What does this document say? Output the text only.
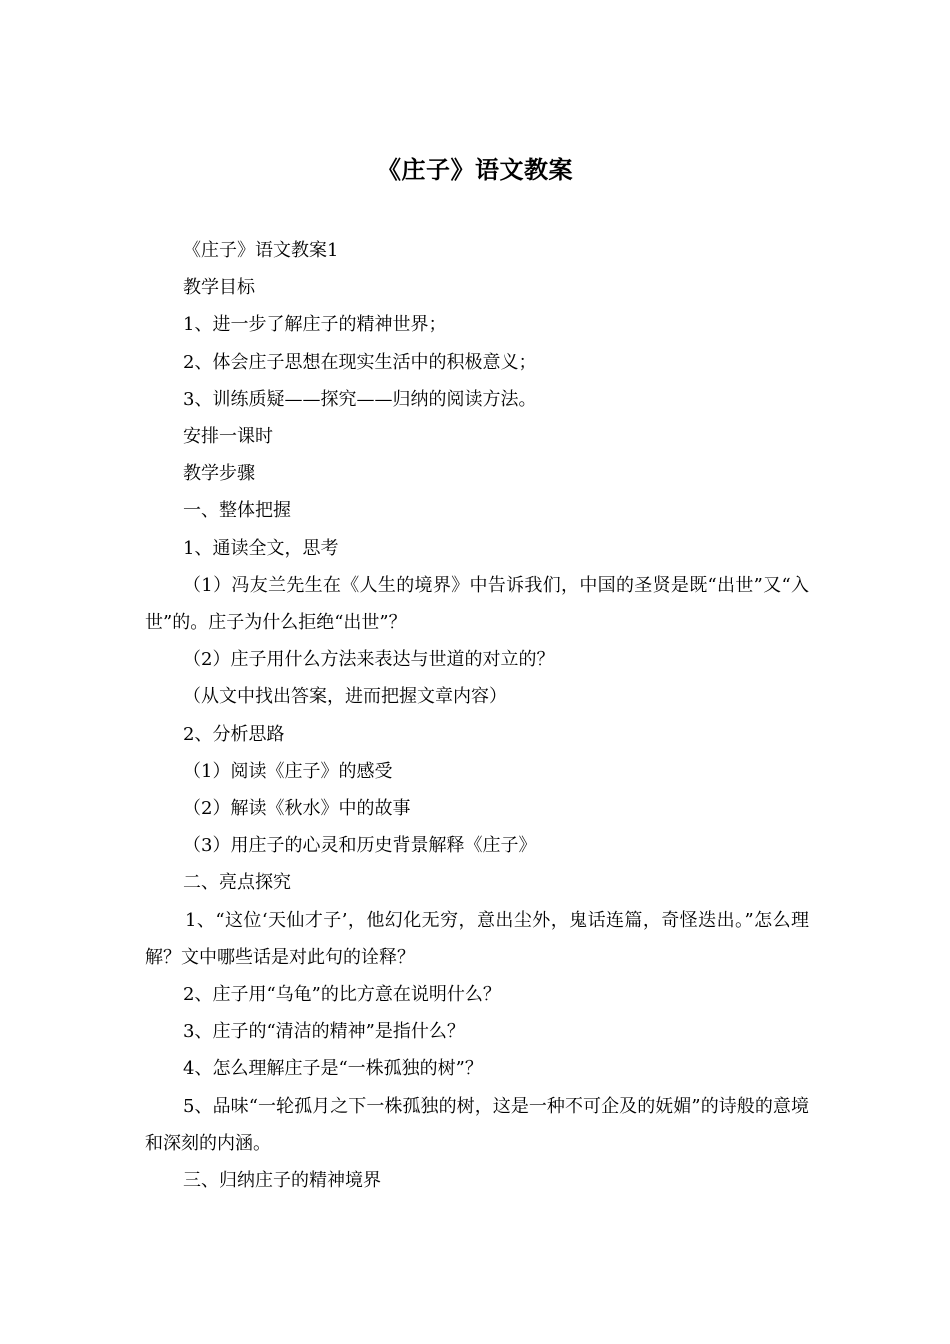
《庄子》语文教案

《庄子》语文教案1

教学目标

1、进一步了解庄子的精神世界；

2、体会庄子思想在现实生活中的积极意义；

3、训练质疑——探究——归纳的阅读方法。

安排一课时

教学步骤

一、整体把握

1、通读全文，思考

（1）冯友兰先生在《人生的境界》中告诉我们，中国的圣贤是既“出世”又“入世”的。庄子为什么拒绝“出世”？

（2）庄子用什么方法来表达与世道的对立的？

（从文中找出答案，进而把握文章内容）

2、分析思路

（1）阅读《庄子》的感受

（2）解读《秋水》中的故事

（3）用庄子的心灵和历史背景解释《庄子》

二、亮点探究

1、“这位‘天仙才子’，他幻化无穷，意出尘外，鬼话连篇，奇怪迭出。”怎么理解？文中哪些话是对此句的诠释？

2、庄子用“乌龟”的比方意在说明什么？

3、庄子的“清洁的精神”是指什么？

4、怎么理解庄子是“一株孤独的树”？

5、品味“一轮孤月之下一株孤独的树，这是一种不可企及的妩媚”的诗般的意境和深刻的内涵。

三、归纳庄子的精神境界
